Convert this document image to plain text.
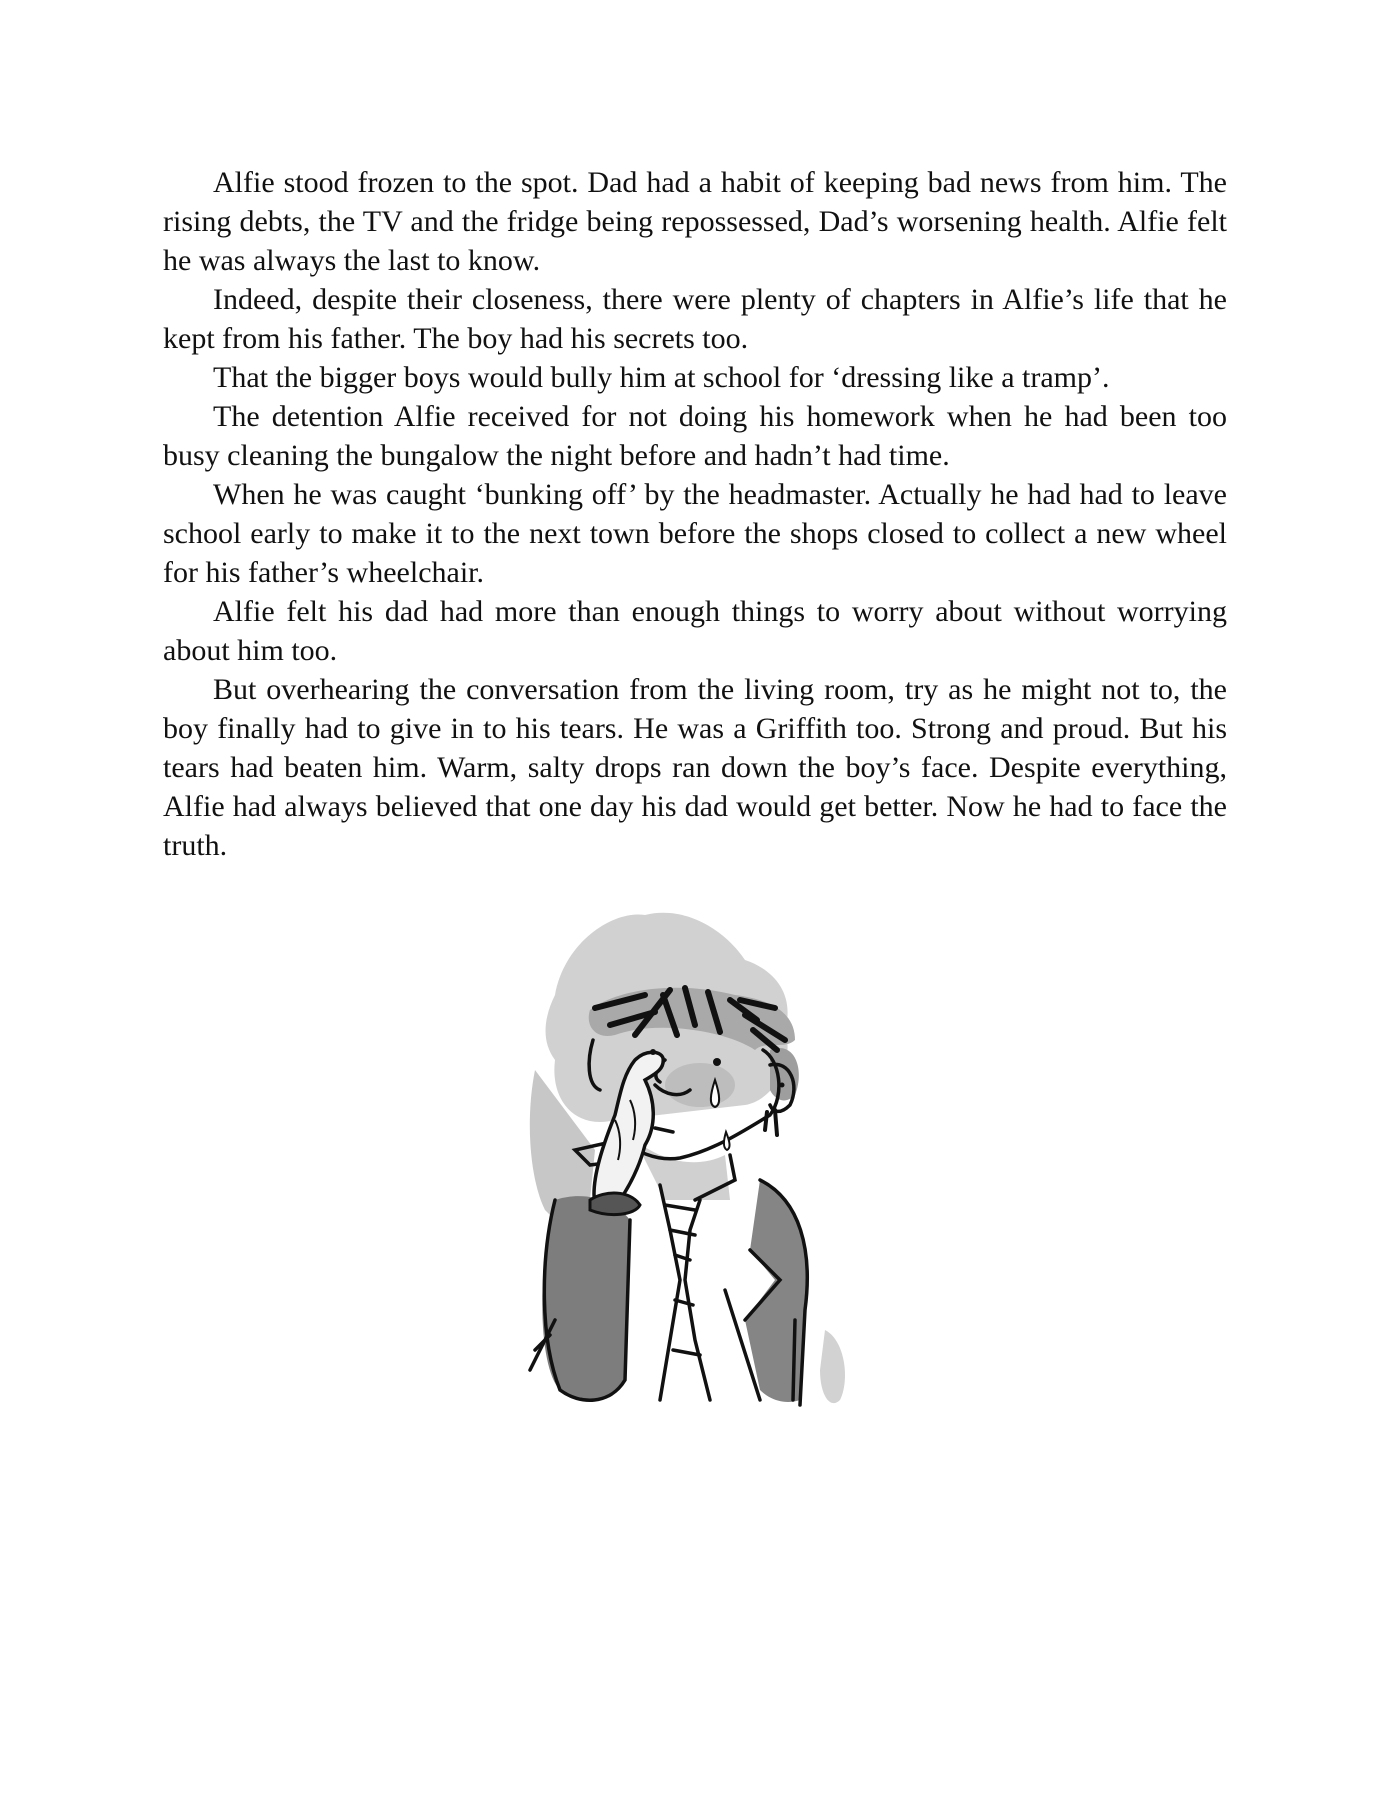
Alfie stood frozen to the spot. Dad had a habit of keeping bad news from him. The rising debts, the TV and the fridge being repossessed, Dad’s worsening health. Alfie felt he was always the last to know.

Indeed, despite their closeness, there were plenty of chapters in Alfie’s life that he kept from his father. The boy had his secrets too.

That the bigger boys would bully him at school for ‘dressing like a tramp’.

The detention Alfie received for not doing his homework when he had been too busy cleaning the bungalow the night before and hadn’t had time.

When he was caught ‘bunking off’ by the headmaster. Actually he had had to leave school early to make it to the next town before the shops closed to collect a new wheel for his father’s wheelchair.

Alfie felt his dad had more than enough things to worry about without worrying about him too.

But overhearing the conversation from the living room, try as he might not to, the boy finally had to give in to his tears. He was a Griffith too. Strong and proud. But his tears had beaten him. Warm, salty drops ran down the boy’s face. Despite everything, Alfie had always believed that one day his dad would get better. Now he had to face the truth.
